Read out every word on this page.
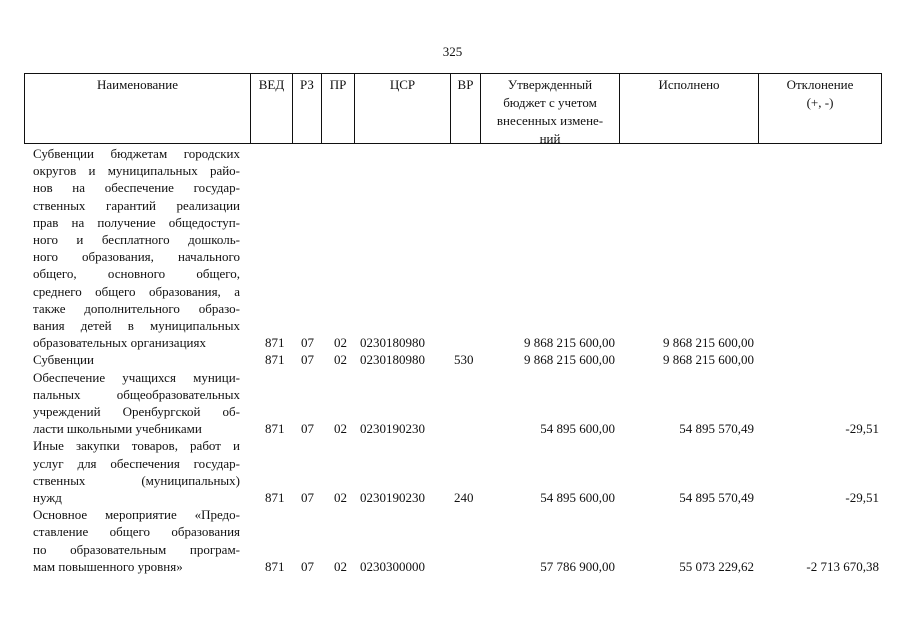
325
Наименование	ВЕД	РЗ	ПР	ЦСР	ВР	Утвержденный
бюджет с учетом
внесенных измене-
ний
Исполнено	Отклонение
(+, -)
Субвенции бюджетам городских
округов и муниципальных райо-
нов на обеспечение государ-
ственных гарантий реализации
прав на получение общедоступ-
ного и бесплатного дошколь-
ного образования, начального
общего, основного общего,
среднего общего образования, а
также дополнительного образо-
вания детей в муниципальных
образовательных организациях	871 07 02 0230180980	9 868 215 600,00	9 868 215 600,00
Субвенции	871 07 02 0230180980 530	9 868 215 600,00	9 868 215 600,00
Обеспечение учащихся муници-
пальных общеобразовательных
учреждений Оренбургской об-
ласти школьными учебниками	871 07 02 0230190230	54 895 600,00	54 895 570,49	-29,51
Иные закупки товаров, работ и
услуг для обеспечения государ-
ственных (муниципальных)
нужд	871 07 02 0230190230 240	54 895 600,00	54 895 570,49	-29,51
Основное мероприятие «Предо-
ставление общего образования
по образовательным програм-
мам повышенного уровня»	871 07 02 0230300000	57 786 900,00	55 073 229,62	-2 713 670,38
